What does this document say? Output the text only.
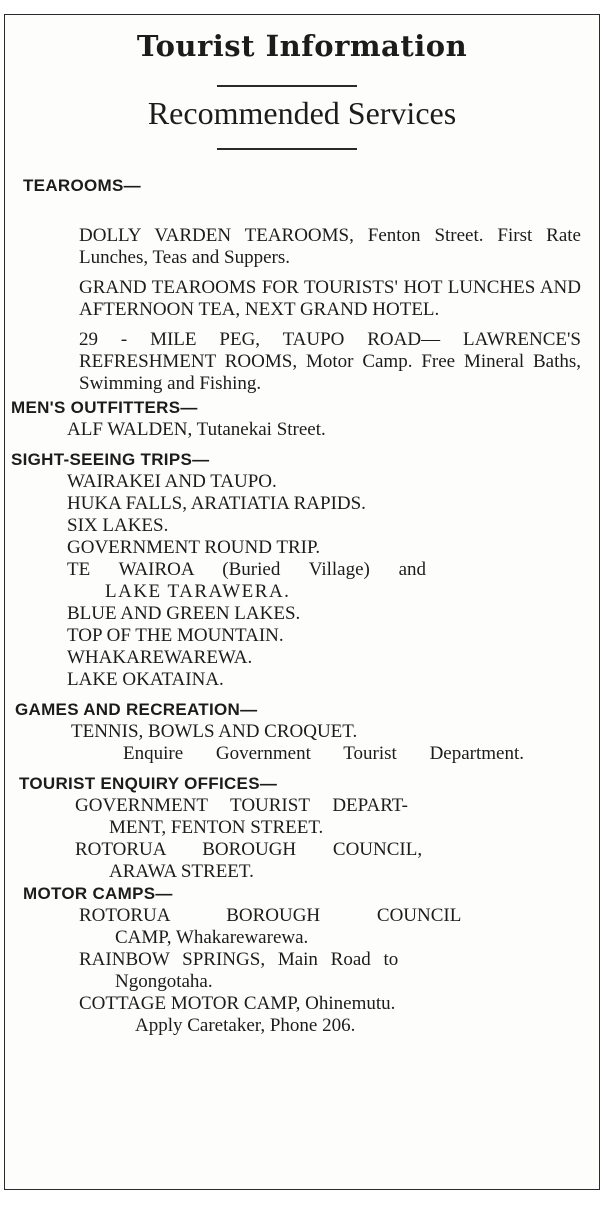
Tourist Information
Recommended Services
TEAROOMS—
DOLLY VARDEN TEAROOMS, Fenton Street. First Rate Lunches, Teas and Suppers.
GRAND TEAROOMS FOR TOURISTS' HOT LUNCHES AND AFTERNOON TEA, NEXT GRAND HOTEL.
29 - MILE PEG, TAUPO ROAD— LAWRENCE'S REFRESHMENT ROOMS, Motor Camp. Free Mineral Baths, Swimming and Fishing.
MEN'S OUTFITTERS—
ALF WALDEN, Tutanekai Street.
SIGHT-SEEING TRIPS—
WAIRAKEI AND TAUPO.
HUKA FALLS, ARATIATIA RAPIDS.
SIX LAKES.
GOVERNMENT ROUND TRIP.
TE WAIROA (Buried Village) and
LAKE TARAWERA.
BLUE AND GREEN LAKES.
TOP OF THE MOUNTAIN.
WHAKAREWAREWA.
LAKE OKATAINA.
GAMES AND RECREATION—
TENNIS, BOWLS AND CROQUET.
Enquire Government Tourist Department.
TOURIST ENQUIRY OFFICES—
GOVERNMENT TOURIST DEPART-
MENT, FENTON STREET.
ROTORUA BOROUGH COUNCIL,
ARAWA STREET.
MOTOR CAMPS—
ROTORUA BOROUGH COUNCIL
CAMP, Whakarewarewa.
RAINBOW SPRINGS, Main Road to
Ngongotaha.
COTTAGE MOTOR CAMP, Ohinemutu.
Apply Caretaker, Phone 206.
